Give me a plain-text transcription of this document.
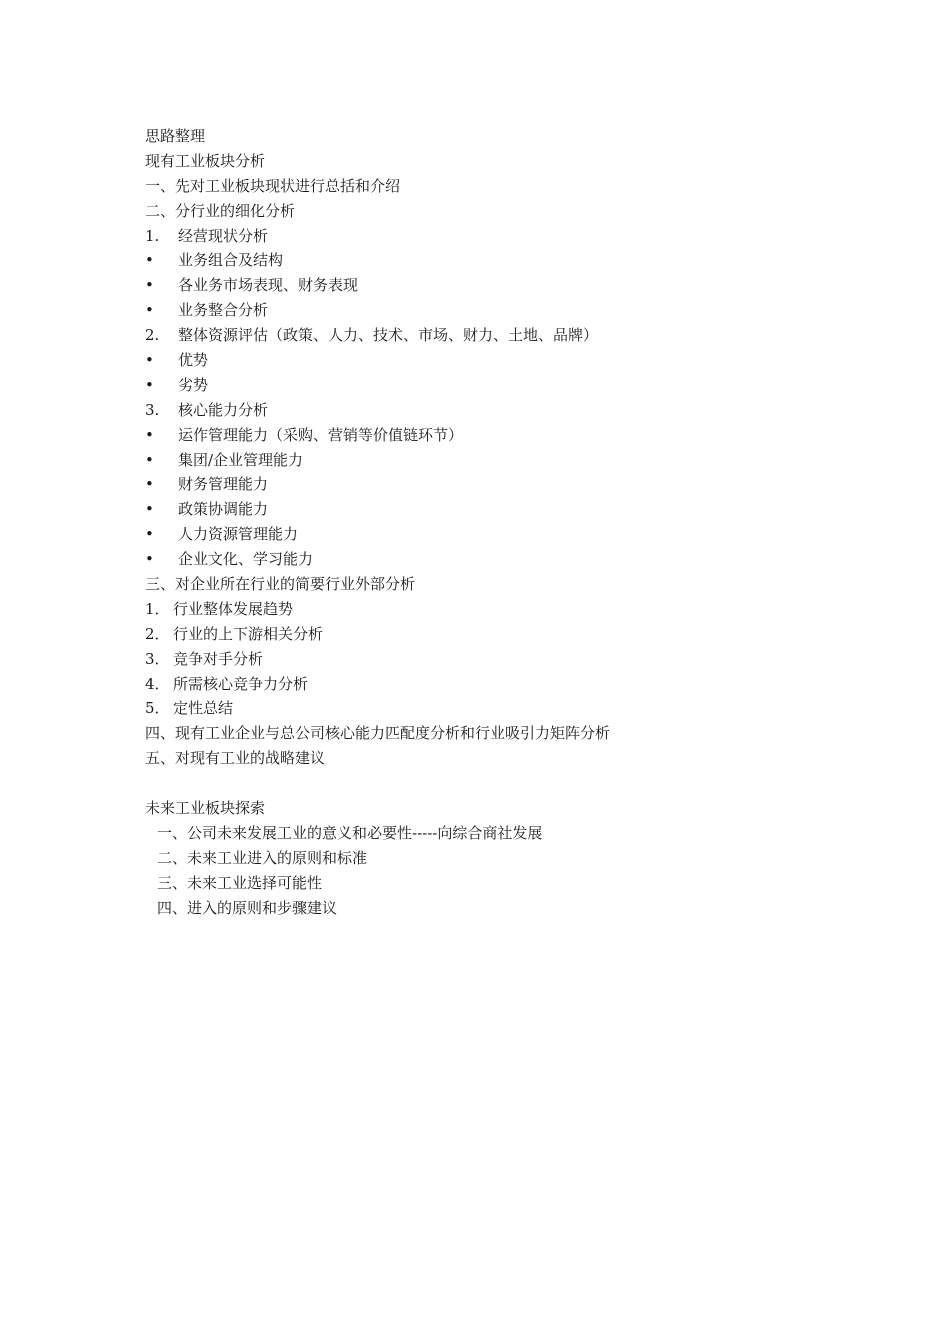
思路整理
现有工业板块分析
一、先对工业板块现状进行总括和介绍
二、分行业的细化分析
1.	经营现状分析
•	业务组合及结构
•	各业务市场表现、财务表现
•	业务整合分析
2.	整体资源评估（政策、人力、技术、市场、财力、土地、品牌）
•	优势
•	劣势
3.	核心能力分析
•	运作管理能力（采购、营销等价值链环节）
•	集团/企业管理能力
•	财务管理能力
•	政策协调能力
•	人力资源管理能力
•	企业文化、学习能力
三、对企业所在行业的简要行业外部分析
1． 行业整体发展趋势
2． 行业的上下游相关分析
3． 竞争对手分析
4． 所需核心竞争力分析
5． 定性总结
四、现有工业企业与总公司核心能力匹配度分析和行业吸引力矩阵分析
五、对现有工业的战略建议
未来工业板块探索
一、公司未来发展工业的意义和必要性-----向综合商社发展
二、未来工业进入的原则和标准
三、未来工业选择可能性
四、进入的原则和步骤建议
